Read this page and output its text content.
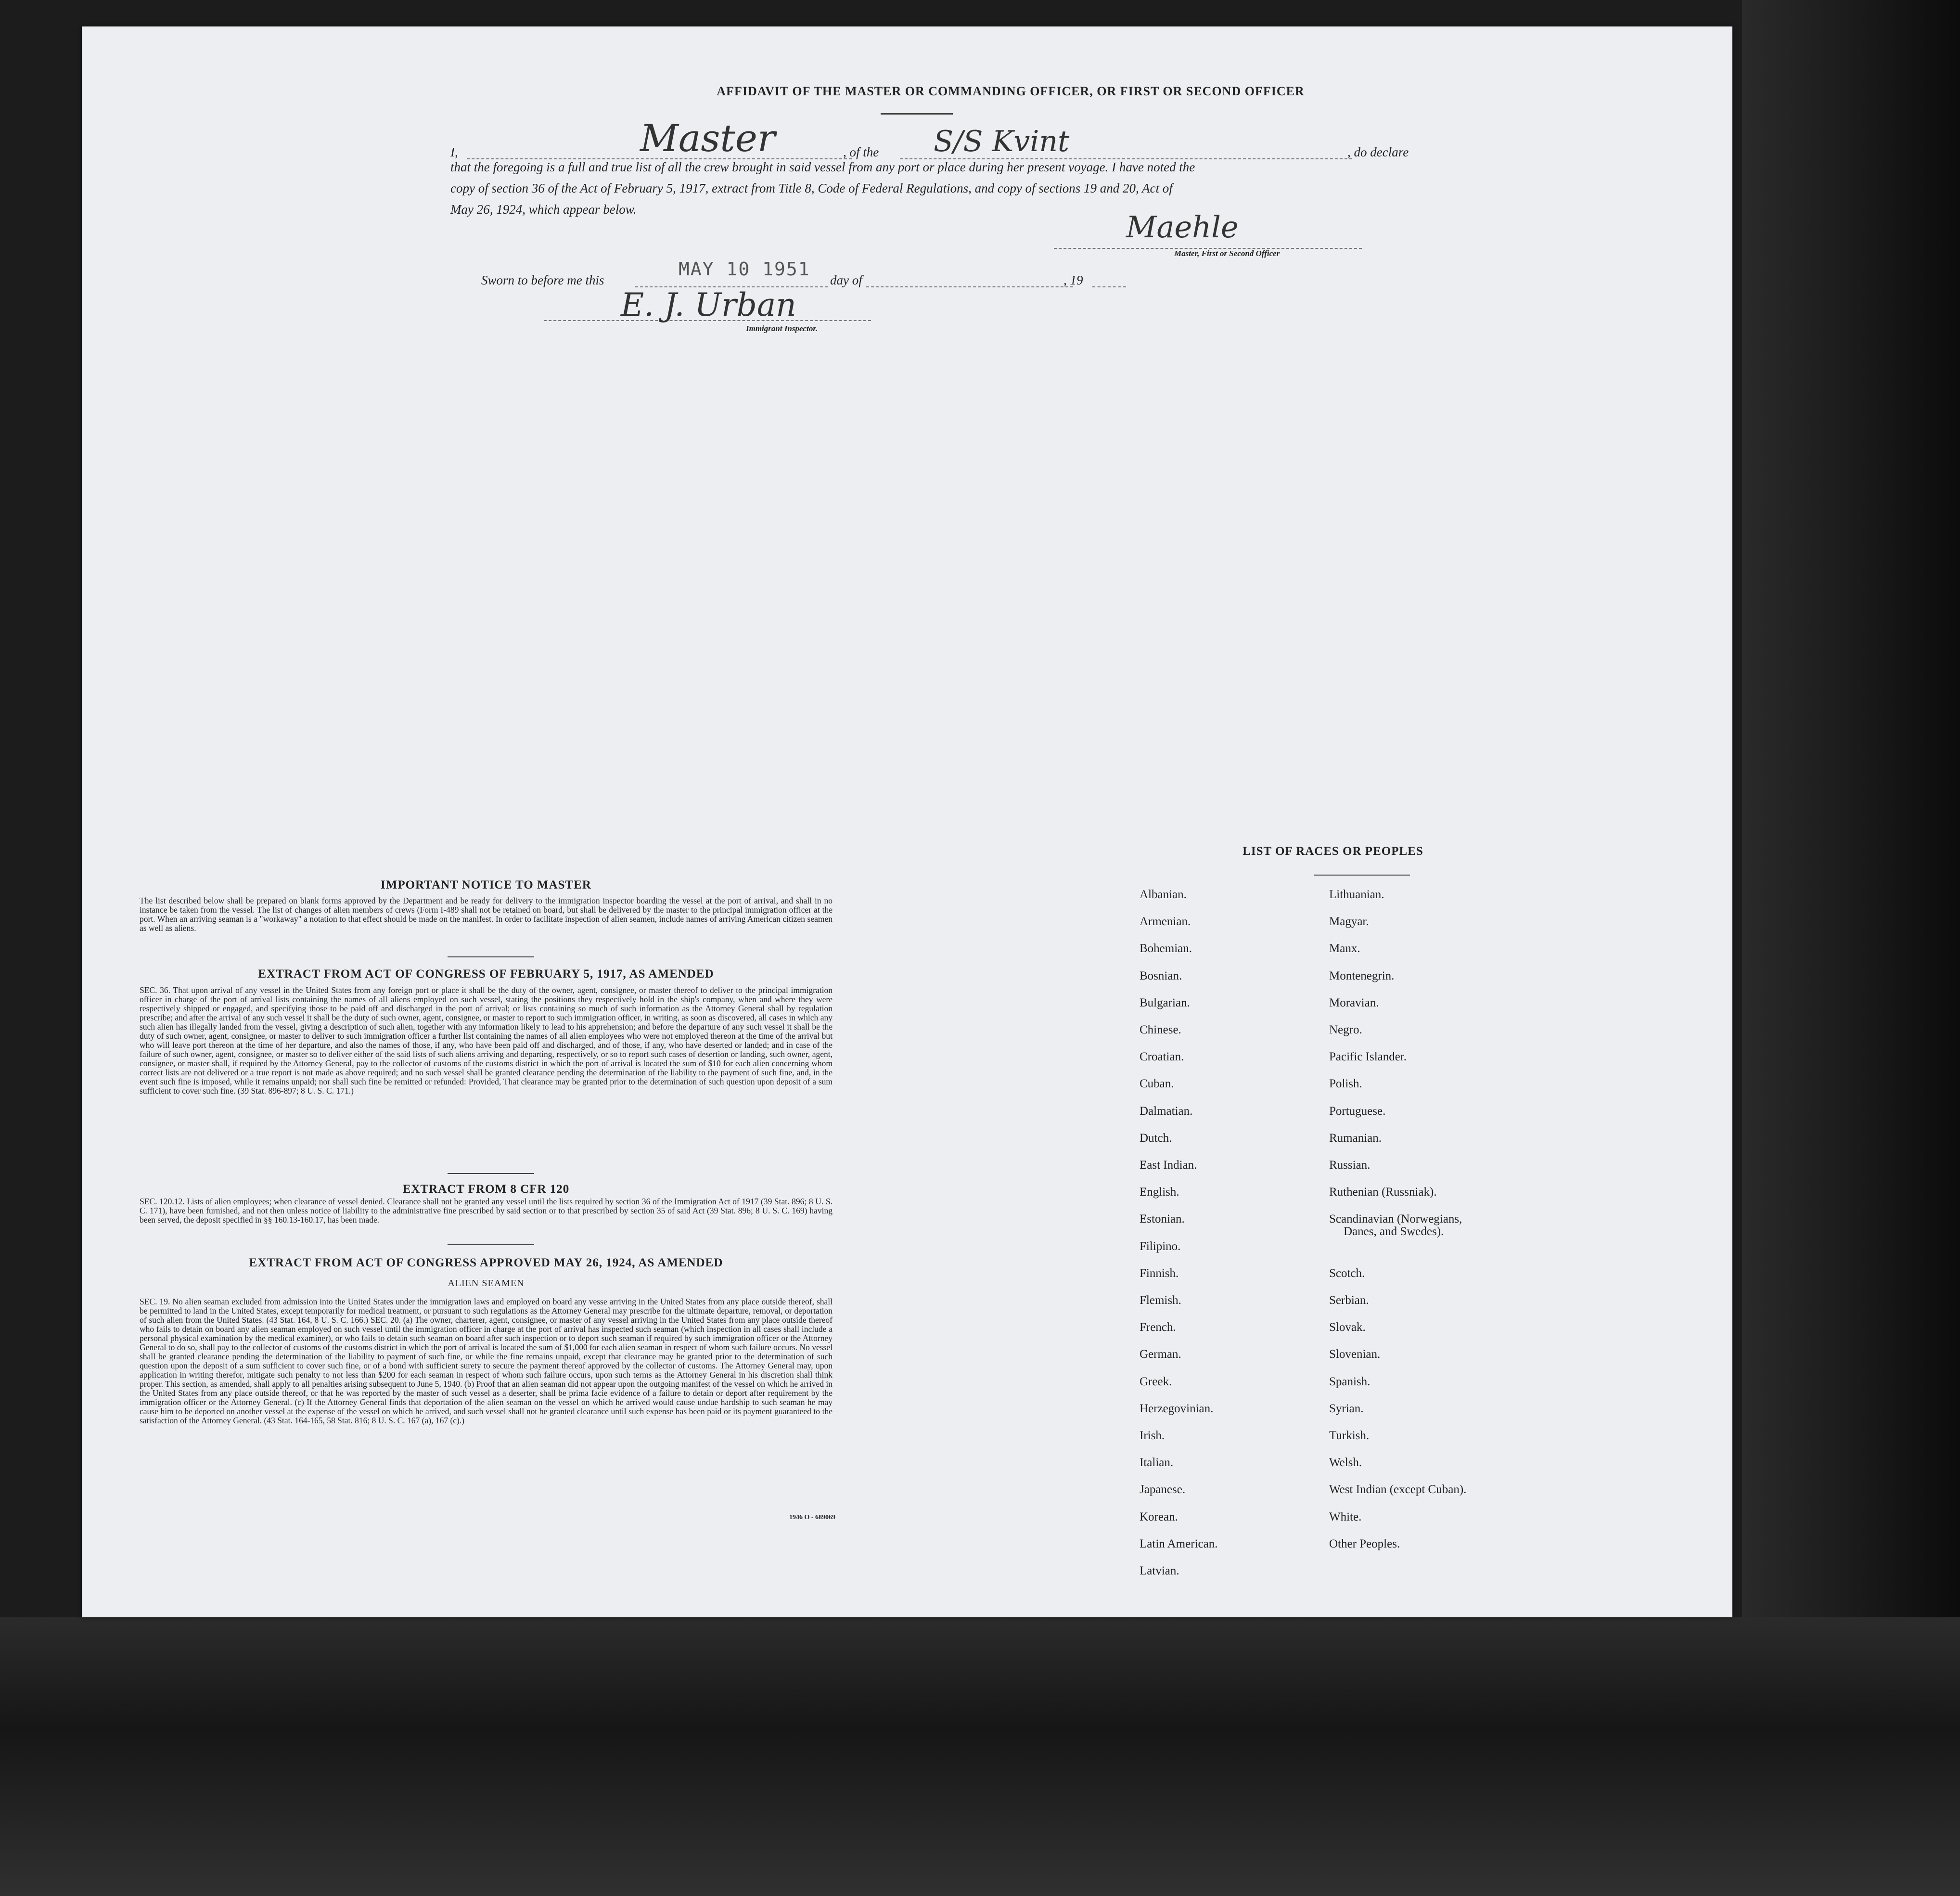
AFFIDAVIT OF THE MASTER OR COMMANDING OFFICER, OR FIRST OR SECOND OFFICER
I,	Master	, of the S/S Kvint	, do declare
that the foregoing is a full and true list of all the crew brought in said vessel from any port or place during her present voyage. I have noted the
copy of section 36 of the Act of February 5, 1917, extract from Title 8, Code of Federal Regulations, and copy of sections 19 and 20, Act of
May 26, 1924, which appear below.	Maehle
Master, First or Second Officer
Sworn to before me this
MAY 10 1951
day of	, 19
E. J. Urban
Immigrant Inspector.
IMPORTANT NOTICE TO MASTER
The list described below shall be prepared on blank forms approved by the Department and be ready for delivery to the immigration inspector boarding the vessel at the port of arrival, and shall in no instance be taken from the vessel. The list of changes of alien members of crews (Form I-489 shall not be retained on board, but shall be delivered by the master to the principal immigration officer at the port. When an arriving seaman is a "workaway" a notation to that effect should be made on the manifest. In order to facilitate inspection of alien seamen, include names of arriving American citizen seamen as well as aliens.
EXTRACT FROM ACT OF CONGRESS OF FEBRUARY 5, 1917, AS AMENDED
SEC. 36. That upon arrival of any vessel in the United States from any foreign port or place it shall be the duty of the owner, agent, consignee, or master thereof to deliver to the principal immigration officer in charge of the port of arrival lists containing the names of all aliens employed on such vessel, stating the positions they respectively hold in the ship's company, when and where they were respectively shipped or engaged, and specifying those to be paid off and discharged in the port of arrival; or lists containing so much of such information as the Attorney General shall by regulation prescribe; and after the arrival of any such vessel it shall be the duty of such owner, agent, consignee, or master to report to such immigration officer, in writing, as soon as discovered, all cases in which any such alien has illegally landed from the vessel, giving a description of such alien, together with any information likely to lead to his apprehension; and before the departure of any such vessel it shall be the duty of such owner, agent, consignee, or master to deliver to such immigration officer a further list containing the names of all alien employees who were not employed thereon at the time of the arrival but who will leave port thereon at the time of her departure, and also the names of those, if any, who have been paid off and discharged, and of those, if any, who have deserted or landed; and in case of the failure of such owner, agent, consignee, or master so to deliver either of the said lists of such aliens arriving and departing, respectively, or so to report such cases of desertion or landing, such owner, agent, consignee, or master shall, if required by the Attorney General, pay to the collector of customs of the customs district in which the port of arrival is located the sum of $10 for each alien concerning whom correct lists are not delivered or a true report is not made as above required; and no such vessel shall be granted clearance pending the determination of the liability to the payment of such fine, and, in the event such fine is imposed, while it remains unpaid; nor shall such fine be remitted or refunded: Provided, That clearance may be granted prior to the determination of such question upon deposit of a sum sufficient to cover such fine. (39 Stat. 896-897; 8 U. S. C. 171.)
EXTRACT FROM 8 CFR 120
SEC. 120.12. Lists of alien employees; when clearance of vessel denied. Clearance shall not be granted any vessel until the lists required by section 36 of the Immigration Act of 1917 (39 Stat. 896; 8 U. S. C. 171), have been furnished, and not then unless notice of liability to the administrative fine prescribed by said section or to that prescribed by section 35 of said Act (39 Stat. 896; 8 U. S. C. 169) having been served, the deposit specified in §§ 160.13-160.17, has been made.
EXTRACT FROM ACT OF CONGRESS APPROVED MAY 26, 1924, AS AMENDED
ALIEN SEAMEN
SEC. 19. No alien seaman excluded from admission into the United States under the immigration laws and employed on board any vesse arriving in the United States from any place outside thereof, shall be permitted to land in the United States, except temporarily for medical treatment, or pursuant to such regulations as the Attorney General may prescribe for the ultimate departure, removal, or deportation of such alien from the United States. (43 Stat. 164, 8 U. S. C. 166.) SEC. 20. (a) The owner, charterer, agent, consignee, or master of any vessel arriving in the United States from any place outside thereof who fails to detain on board any alien seaman employed on such vessel until the immigration officer in charge at the port of arrival has inspected such seaman (which inspection in all cases shall include a personal physical examination by the medical examiner), or who fails to detain such seaman on board after such inspection or to deport such seaman if required by such immigration officer or the Attorney General to do so, shall pay to the collector of customs of the customs district in which the port of arrival is located the sum of $1,000 for each alien seaman in respect of whom such failure occurs. No vessel shall be granted clearance pending the determination of the liability to payment of such fine, or while the fine remains unpaid, except that clearance may be granted prior to the determination of such question upon the deposit of a sum sufficient to cover such fine, or of a bond with sufficient surety to secure the payment thereof approved by the collector of customs. The Attorney General may, upon application in writing therefor, mitigate such penalty to not less than $200 for each seaman in respect of whom such failure occurs, upon such terms as the Attorney General in his discretion shall think proper. This section, as amended, shall apply to all penalties arising subsequent to June 5, 1940. (b) Proof that an alien seaman did not appear upon the outgoing manifest of the vessel on which he arrived in the United States from any place outside thereof, or that he was reported by the master of such vessel as a deserter, shall be prima facie evidence of a failure to detain or deport after requirement by the immigration officer or the Attorney General. (c) If the Attorney General finds that deportation of the alien seaman on the vessel on which he arrived would cause undue hardship to such seaman he may cause him to be deported on another vessel at the expense of the vessel on which he arrived, and such vessel shall not be granted clearance until such expense has been paid or its payment guaranteed to the satisfaction of the Attorney General. (43 Stat. 164-165, 58 Stat. 816; 8 U. S. C. 167 (a), 167 (c).)
1946 O - 689069
LIST OF RACES OR PEOPLES
Albanian.
Armenian.
Bohemian.
Bosnian.
Bulgarian.
Chinese.
Croatian.
Cuban.
Dalmatian.
Dutch.
East Indian.
English.
Estonian.
Filipino.
Finnish.
Flemish.
French.
German.
Greek.
Herzegovinian.
Irish.
Italian.
Japanese.
Korean.
Latin American.
Latvian.
Lithuanian.
Magyar.
Manx.
Montenegrin.
Moravian.
Negro.
Pacific Islander.
Polish.
Portuguese.
Rumanian.
Russian.
Ruthenian (Russniak).
Scandinavian (Norwegians,
Danes, and Swedes).
Scotch.
Serbian.
Slovak.
Slovenian.
Spanish.
Syrian.
Turkish.
Welsh.
West Indian (except Cuban).
White.
Other Peoples.
